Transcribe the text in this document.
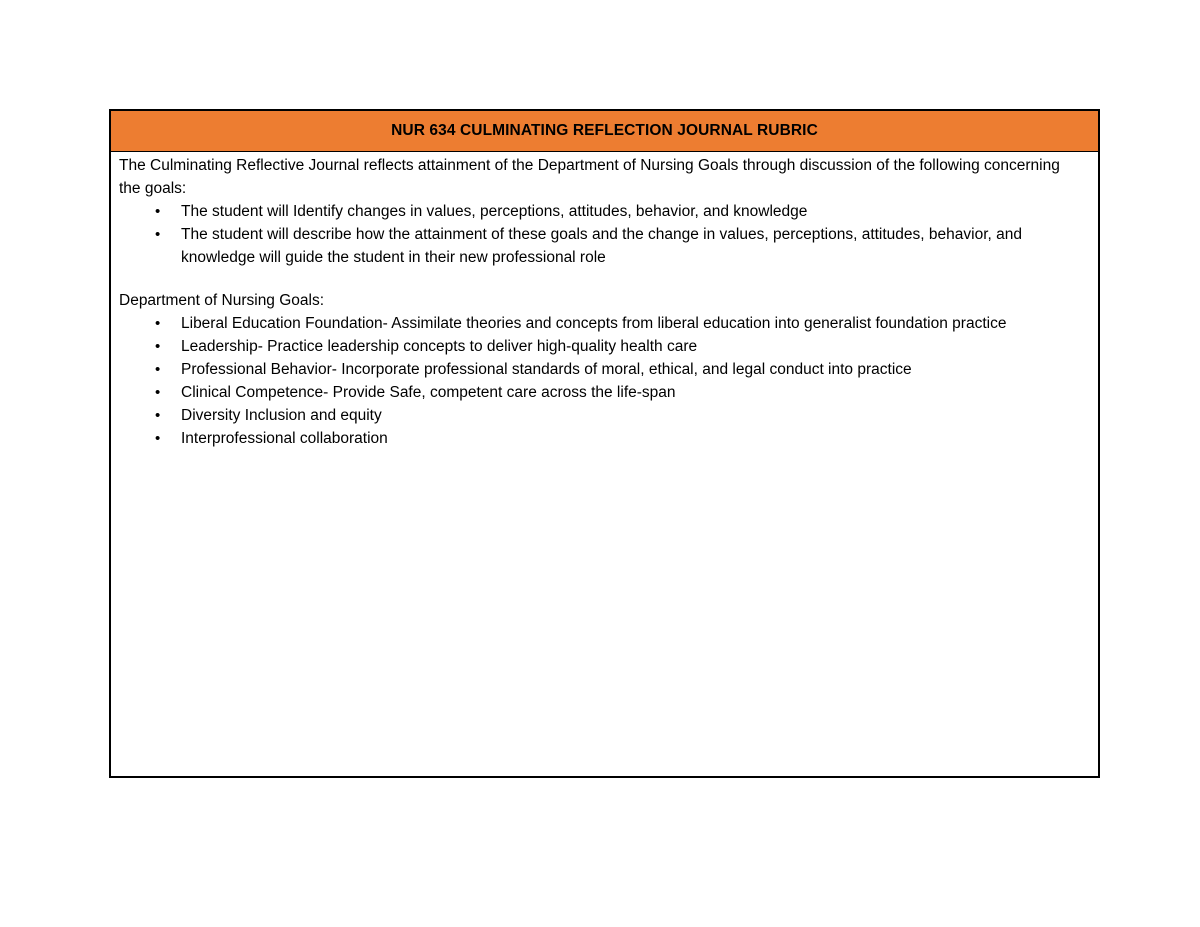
NUR 634 CULMINATING REFLECTION JOURNAL RUBRIC

The Culminating Reflective Journal reflects attainment of the Department of Nursing Goals through discussion of the following concerning the goals:

• The student will Identify changes in values, perceptions, attitudes, behavior, and knowledge
• The student will describe how the attainment of these goals and the change in values, perceptions, attitudes, behavior, and knowledge will guide the student in their new professional role

Department of Nursing Goals:

• Liberal Education Foundation- Assimilate theories and concepts from liberal education into generalist foundation practice
• Leadership- Practice leadership concepts to deliver high-quality health care
• Professional Behavior- Incorporate professional standards of moral, ethical, and legal conduct into practice
• Clinical Competence- Provide Safe, competent care across the life-span
• Diversity Inclusion and equity
• Interprofessional collaboration
